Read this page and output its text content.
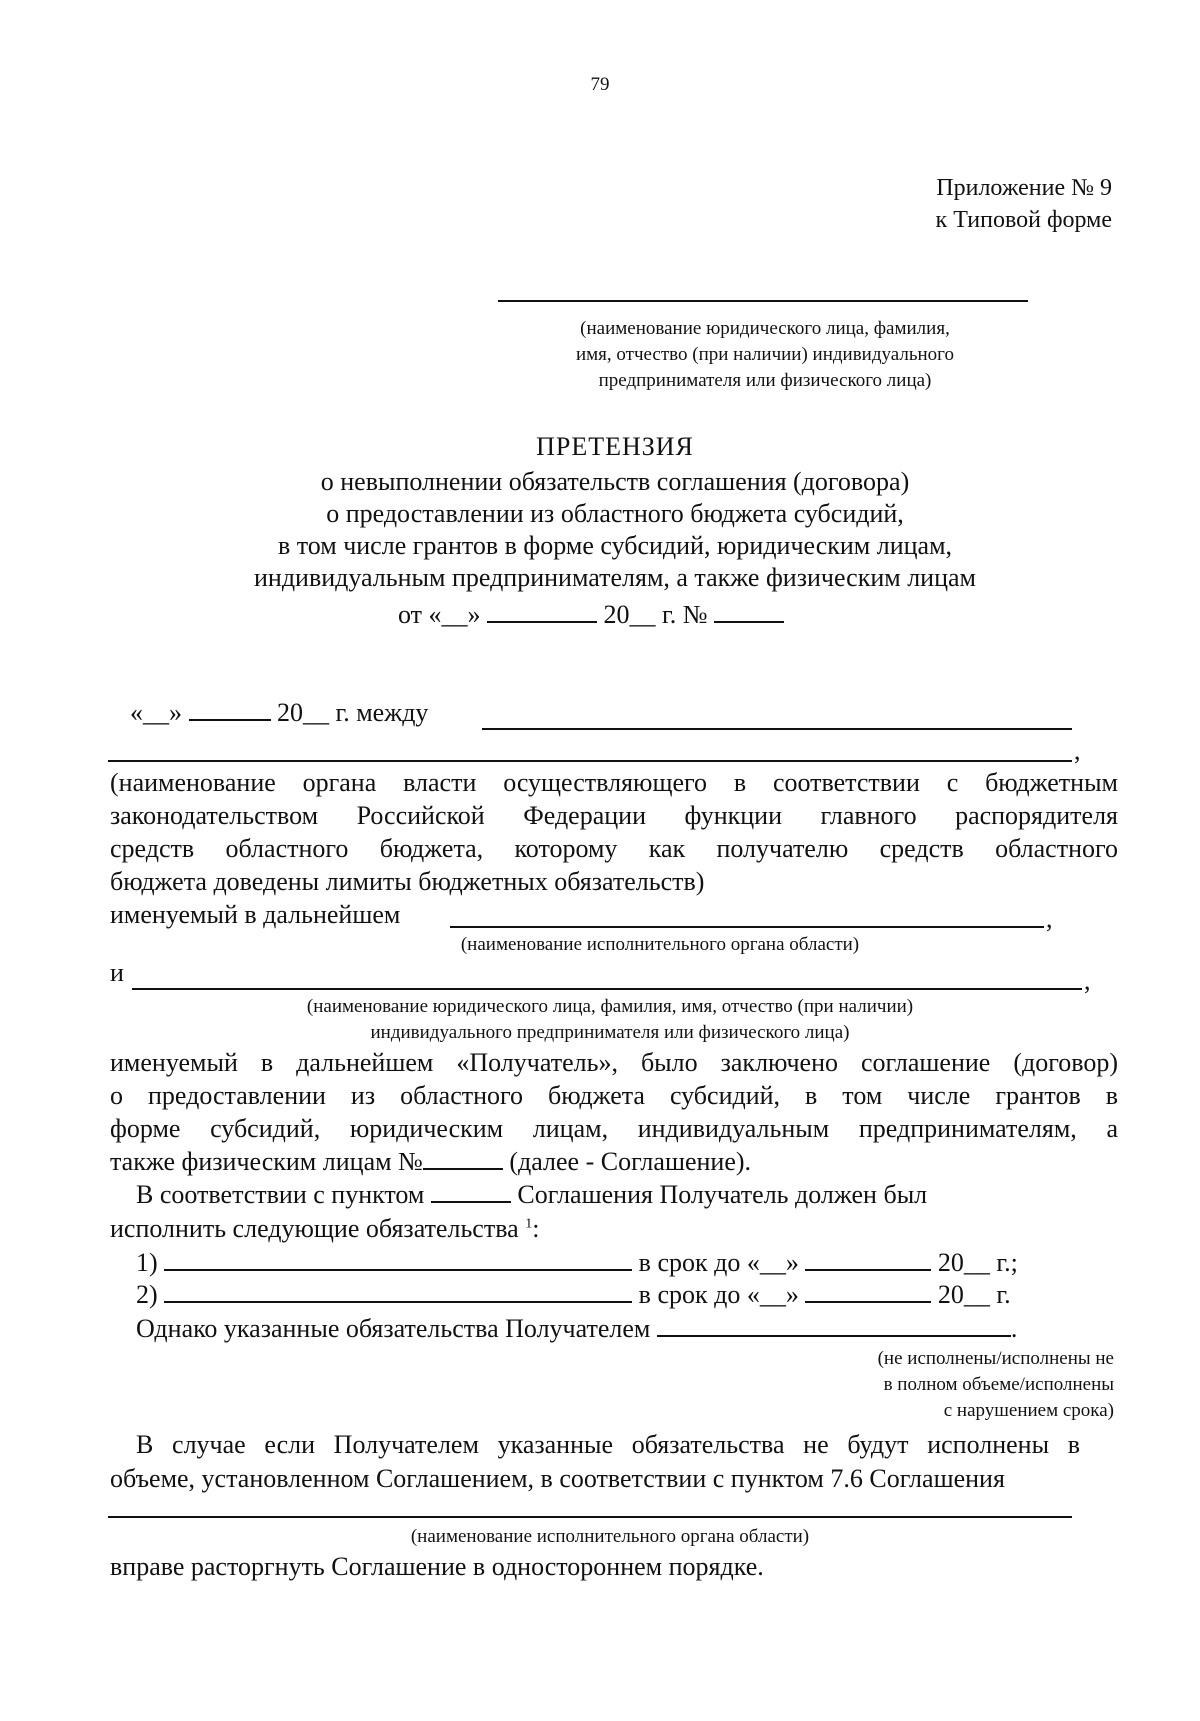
79
Приложение № 9
к Типовой форме
(наименование юридического лица, фамилия,
имя, отчество (при наличии) индивидуального
предпринимателя или физического лица)
ПРЕТЕНЗИЯ
о невыполнении обязательств соглашения (договора)
о предоставлении из областного бюджета субсидий,
в том числе грантов в форме субсидий, юридическим лицам,
индивидуальным предпринимателям, а также физическим лицам
от «__»	20__ г. №
«__»	20__ г. между
,
(наименование органа власти осуществляющего в соответствии с бюджетным
законодательством Российской Федерации функции главного распорядителя
средств областного бюджета, которому как получателю средств областного
бюджета доведены лимиты бюджетных обязательств)
именуемый в дальнейшем	,
(наименование исполнительного органа области)
и	,
(наименование юридического лица, фамилия, имя, отчество (при наличии)
индивидуального предпринимателя или физического лица)
именуемый в дальнейшем «Получатель», было заключено соглашение (договор)
о предоставлении из областного бюджета субсидий, в том числе грантов в
форме субсидий, юридическим лицам, индивидуальным предпринимателям, а
также физическим лицам №	(далее - Соглашение).
В соответствии с пунктом	Соглашения Получатель должен был
исполнить следующие обязательства $^1$:
1)	в срок до «__»	20__ г.;
2)	в срок до «__»	20__ г.
Однако указанные обязательства Получателем	.
(не исполнены/исполнены не
в полном объеме/исполнены
с нарушением срока)
В случае если Получателем указанные обязательства не будут исполнены в
объеме, установленном Соглашением, в соответствии с пунктом 7.6 Соглашения
(наименование исполнительного органа области)
вправе расторгнуть Соглашение в одностороннем порядке.
